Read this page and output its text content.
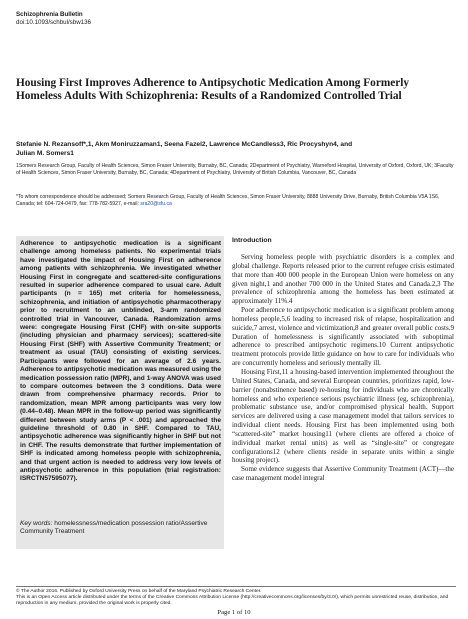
Schizophrenia Bulletin
doi:10.1093/schbul/sbw136
Housing First Improves Adherence to Antipsychotic Medication Among Formerly Homeless Adults With Schizophrenia: Results of a Randomized Controlled Trial
Stefanie N. Rezansoff*,1, Akm Moniruzzaman1, Seena Fazel2, Lawrence McCandless3, Ric Procyshyn4, and
Julian M. Somers1
1Somers Research Group, Faculty of Health Sciences, Simon Fraser University, Burnaby, BC, Canada; 2Department of Psychiatry, Warneford Hospital, University of Oxford, Oxford, UK; 3Faculty of Health Sciences, Simon Fraser University, Burnaby, BC, Canada; 4Department of Psychiatry, University of British Columbia, Vancouver, BC, Canada
*To whom correspondence should be addressed; Somers Research Group, Faculty of Health Sciences, Simon Fraser University, 8888 University Drive, Burnaby, British Columbia V5A 1S6, Canada; tel: 604-724-0479, fax: 778-782-5927, e-mail: sra20@sfu.ca

Adherence to antipsychotic medication is a significant challenge among homeless patients. No experimental trials have investigated the impact of Housing First on adherence among patients with schizophrenia. We investigated whether Housing First in congregate and scattered-site configurations resulted in superior adherence compared to usual care. Adult participants (n = 165) met criteria for homelessness, schizophrenia, and initiation of antipsychotic pharmacotherapy prior to recruitment to an unblinded, 3-arm randomized controlled trial in Vancouver, Canada. Randomization arms were: congregate Housing First (CHF) with on-site supports (including physician and pharmacy services); scattered-site Housing First (SHF) with Assertive Community Treatment; or treatment as usual (TAU) consisting of existing services. Participants were followed for an average of 2.6 years. Adherence to antipsychotic medication was measured using the medication possession ratio (MPR), and 1-way ANOVA was used to compare outcomes between the 3 conditions. Data were drawn from comprehensive pharmacy records. Prior to randomization, mean MPR among participants was very low (0.44–0.48). Mean MPR in the follow-up period was significantly different between study arms (P < .001) and approached the guideline threshold of 0.80 in SHF. Compared to TAU, antipsychotic adherence was significantly higher in SHF but not in CHF. The results demonstrate that further implementation of SHF is indicated among homeless people with schizophrenia, and that urgent action is needed to address very low levels of antipsychotic adherence in this population (trial registration: ISRCTN57595077).

Key words: homelessness/medication possession ratio/Assertive Community Treatment
Introduction

Serving homeless people with psychiatric disorders is a complex and global challenge. Reports released prior to the current refugee crisis estimated that more than 400 000 people in the European Union were homeless on any given night,1 and another 700 000 in the United States and Canada.2,3 The prevalence of schizophrenia among the homeless has been estimated at approximately 11%.4

Poor adherence to antipsychotic medication is a significant problem among homeless people,5,6 leading to increased risk of relapse, hospitalization and suicide,7 arrest, violence and victimization,8 and greater overall public costs.9 Duration of homelessness is significantly associated with suboptimal adherence to prescribed antipsychotic regimens.10 Current antipsychotic treatment protocols provide little guidance on how to care for individuals who are concurrently homeless and seriously mentally ill.

Housing First,11 a housing-based intervention implemented throughout the United States, Canada, and several European countries, prioritizes rapid, low-barrier (nonabstinence based) re-housing for individuals who are chronically homeless and who experience serious psychiatric illness (eg, schizophrenia), problematic substance use, and/or compromised physical health. Support services are delivered using a case management model that tailors services to individual client needs. Housing First has been implemented using both “scattered-site” market housing11 (where clients are offered a choice of individual market rental units) as well as “single-site” or congregate configurations12 (where clients reside in separate units within a single housing project).

Some evidence suggests that Assertive Community Treatment (ACT)—the case management model integral

© The Author 2016. Published by Oxford University Press on behalf of the Maryland Psychiatric Research Center.
This is an Open Access article distributed under the terms of the Creative Commons Attribution License (http://creativecommons.org/licenses/by/3.0/), which permits unrestricted reuse, distribution, and reproduction in any medium, provided the original work is properly cited.
Page 1 of 10
